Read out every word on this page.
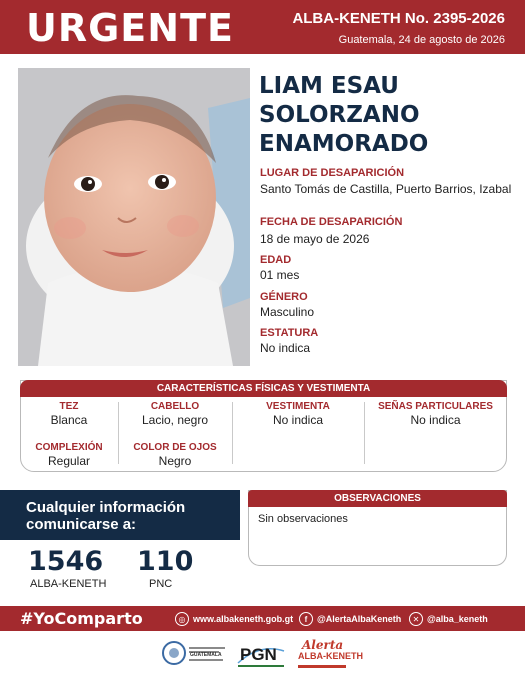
URGENTE	ALBA-KENETH No. 2395-2026
Guatemala, 24 de agosto de 2026
LIAM ESAU
SOLORZANO
ENAMORADO
LUGAR DE DESAPARICIÓN
Santo Tomás de Castilla, Puerto Barrios, Izabal
FECHA DE DESAPARICIÓN
18 de mayo de 2026
EDAD
01 mes
GÉNERO
Masculino
ESTATURA
No indica
CARACTERÍSTICAS FÍSICAS Y VESTIMENTA
TEZ
Blanca
CABELLO
Lacio, negro
VESTIMENTA
No indica
SEÑAS PARTICULARES
No indica
COMPLEXIÓN
Regular
COLOR DE OJOS
Negro
Cualquier información
comunicarse a:
1546
ALBA-KENETH
110
PNC
OBSERVACIONES
Sin observaciones
#YoComparto	◎ www.albakeneth.gob.gt	f	@AlertaAlbaKeneth	✕ @alba_keneth
GUATEMALA PGN	Alerta
ALBA-KENETH
